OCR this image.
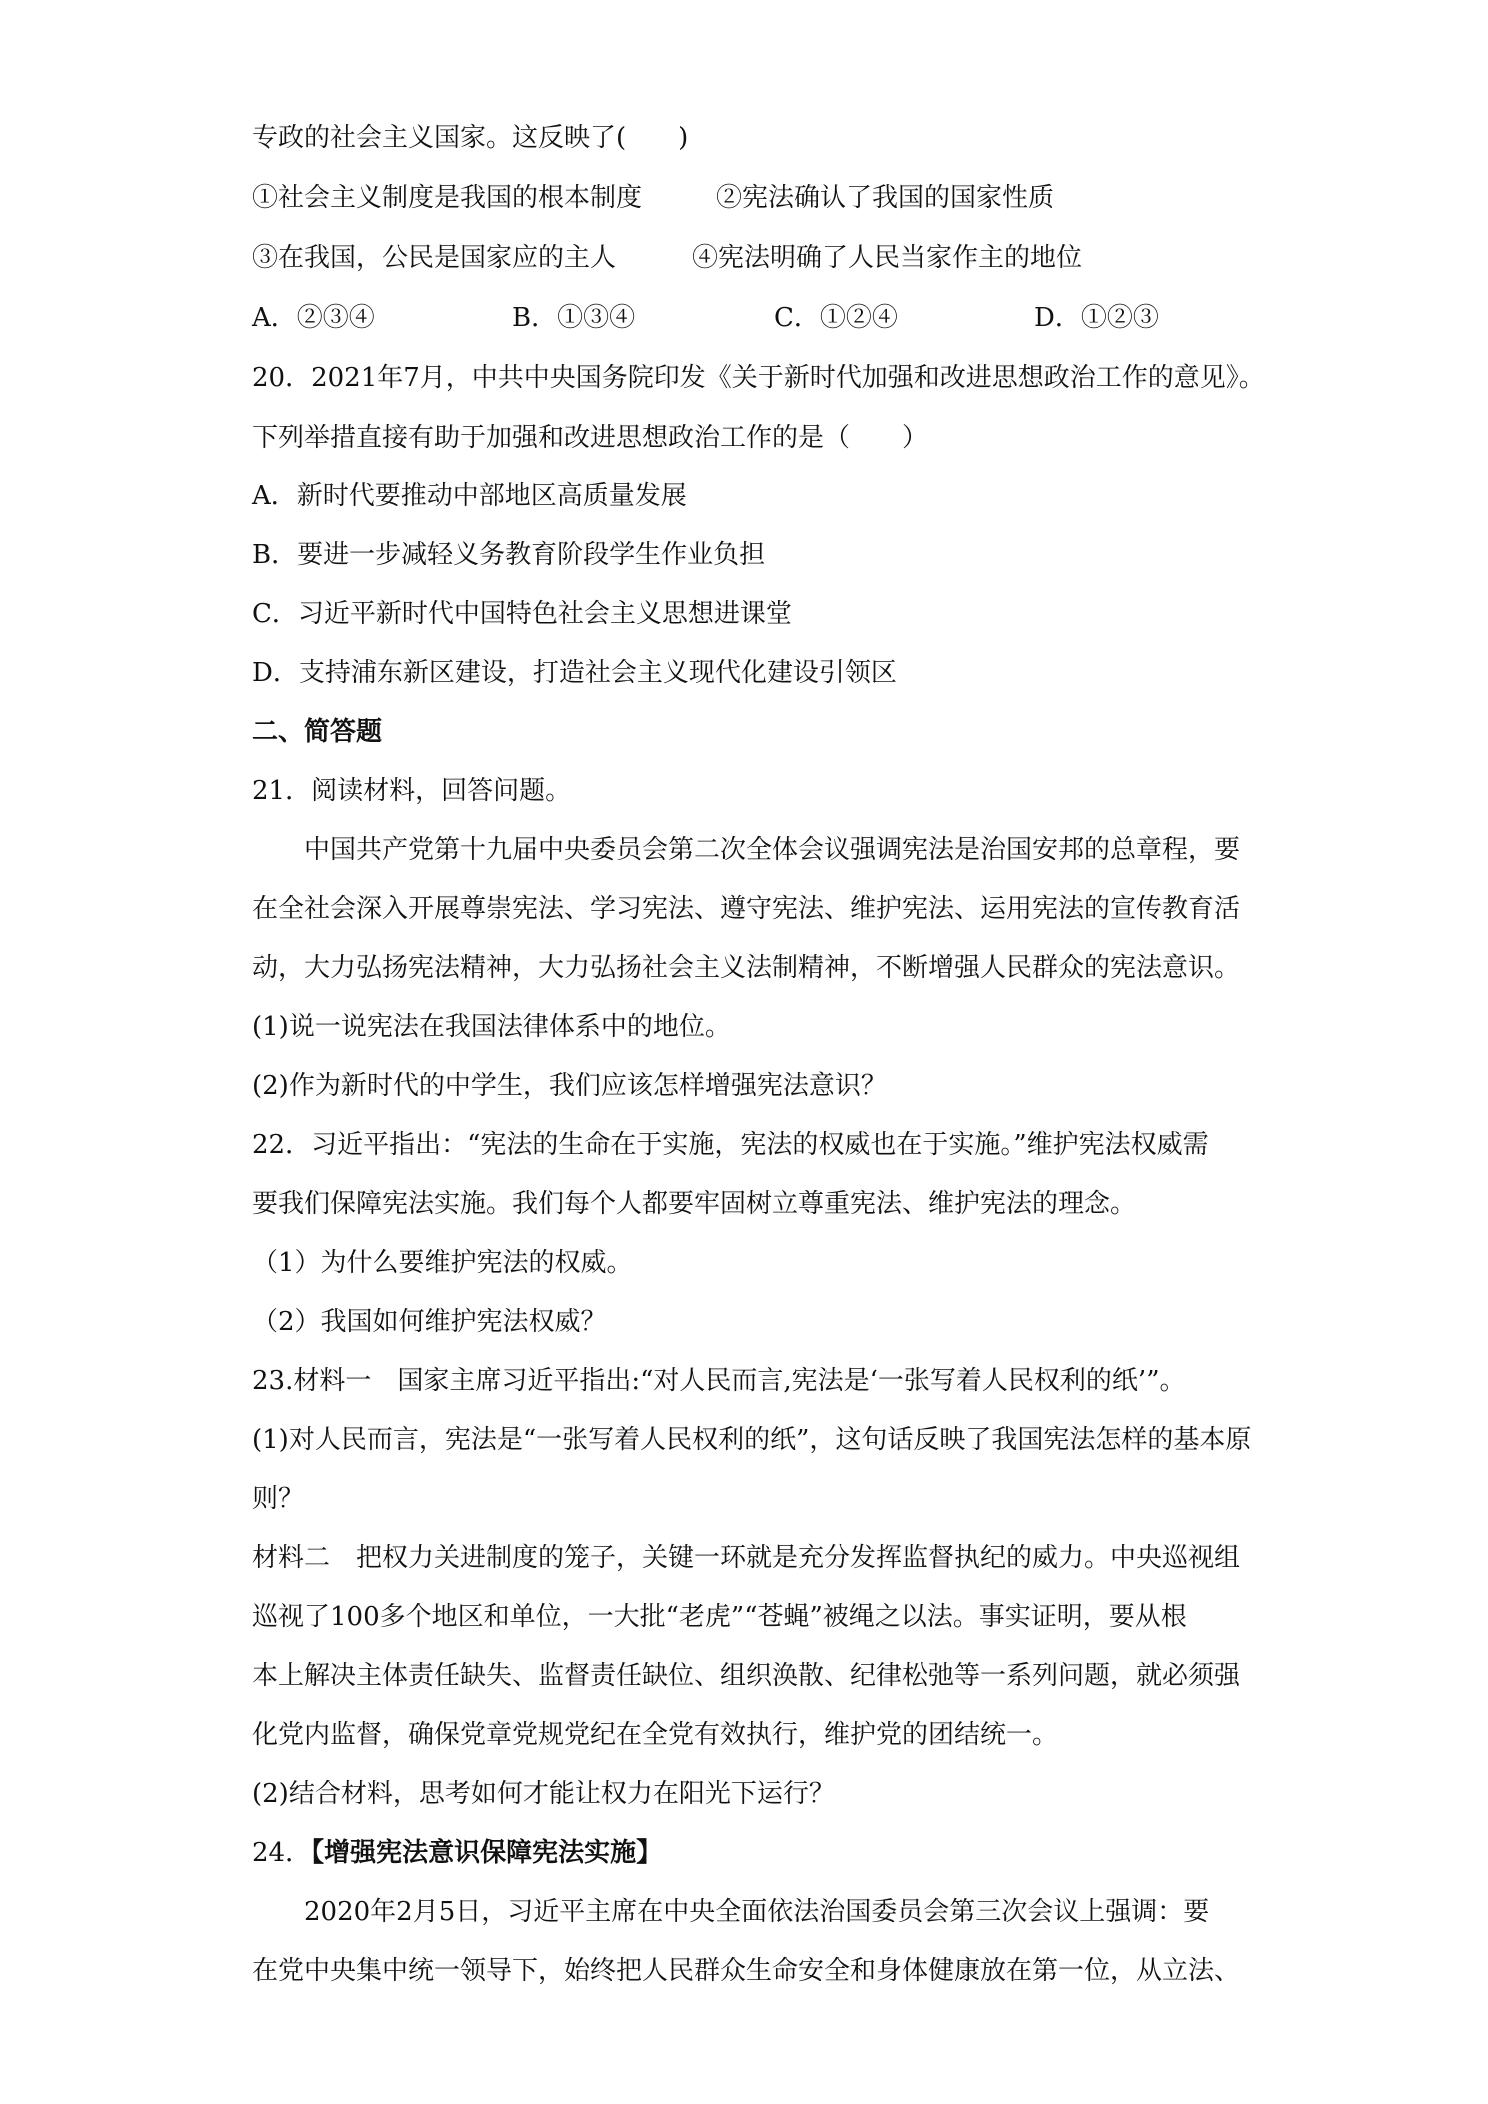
专政的社会主义国家。这反映了(　　)

①社会主义制度是我国的根本制度	②宪法确认了我国的国家性质
③在我国，公民是国家应的主人	④宪法明确了人民当家作主的地位
A．②③④	B．①③④	C．①②④	D．①②③

20．2021年7月，中共中央国务院印发《关于新时代加强和改进思想政治工作的意见》。

下列举措直接有助于加强和改进思想政治工作的是（　　）

A．新时代要推动中部地区高质量发展

B．要进一步减轻义务教育阶段学生作业负担

C．习近平新时代中国特色社会主义思想进课堂

D．支持浦东新区建设，打造社会主义现代化建设引领区

二、简答题

21．阅读材料，回答问题。

中国共产党第十九届中央委员会第二次全体会议强调宪法是治国安邦的总章程，要

在全社会深入开展尊崇宪法、学习宪法、遵守宪法、维护宪法、运用宪法的宣传教育活

动，大力弘扬宪法精神，大力弘扬社会主义法制精神，不断增强人民群众的宪法意识。

(1)说一说宪法在我国法律体系中的地位。

(2)作为新时代的中学生，我们应该怎样增强宪法意识？

22．习近平指出：“宪法的生命在于实施，宪法的权威也在于实施。”维护宪法权威需

要我们保障宪法实施。我们每个人都要牢固树立尊重宪法、维护宪法的理念。

（1）为什么要维护宪法的权威。

（2）我国如何维护宪法权威？

23.材料一　国家主席习近平指出:“对人民而言,宪法是‘一张写着人民权利的纸’”。

(1)对人民而言，宪法是“一张写着人民权利的纸”，这句话反映了我国宪法怎样的基本原

则？

材料二　把权力关进制度的笼子，关键一环就是充分发挥监督执纪的威力。中央巡视组

巡视了100多个地区和单位，一大批“老虎”“苍蝇”被绳之以法。事实证明，要从根

本上解决主体责任缺失、监督责任缺位、组织涣散、纪律松弛等一系列问题，就必须强

化党内监督，确保党章党规党纪在全党有效执行，维护党的团结统一。

(2)结合材料，思考如何才能让权力在阳光下运行？

24．【增强宪法意识保障宪法实施】

2020年2月5日，习近平主席在中央全面依法治国委员会第三次会议上强调：要

在党中央集中统一领导下，始终把人民群众生命安全和身体健康放在第一位，从立法、
